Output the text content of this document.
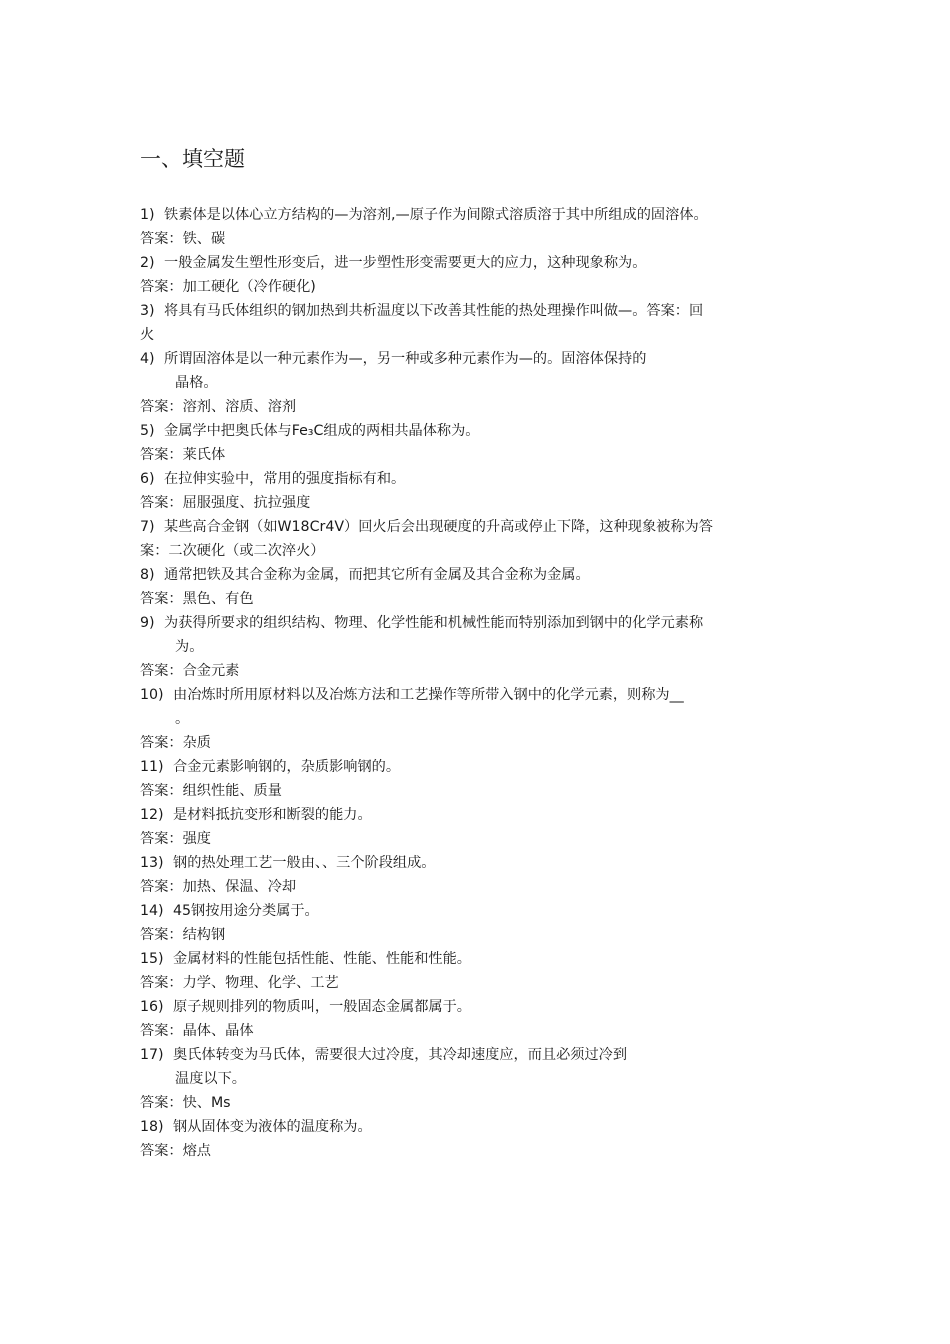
一、填空题
1) 铁素体是以体心立方结构的—为溶剂,—原子作为间隙式溶质溶于其中所组成的固溶体。
答案：铁、碳
2) 一般金属发生塑性形变后，进一步塑性形变需要更大的应力，这种现象称为。
答案：加工硬化（冷作硬化)
3) 将具有马氏体组织的钢加热到共析温度以下改善其性能的热处理操作叫做—。答案：回
火
4) 所谓固溶体是以一种元素作为—，另一种或多种元素作为—的。固溶体保持的
晶格。
答案：溶剂、溶质、溶剂
5) 金属学中把奥氏体与Fe₃C组成的两相共晶体称为。
答案：莱氏体
6) 在拉伸实验中，常用的强度指标有和。
答案：屈服强度、抗拉强度
7) 某些高合金钢（如W18Cr4V）回火后会出现硬度的升高或停止下降，这种现象被称为答
案：二次硬化（或二次淬火）
8) 通常把铁及其合金称为金属，而把其它所有金属及其合金称为金属。
答案：黑色、有色
9) 为获得所要求的组织结构、物理、化学性能和机械性能而特别添加到钢中的化学元素称
为。
答案：合金元素
10) 由冶炼时所用原材料以及冶炼方法和工艺操作等所带入钢中的化学元素，则称为__
。
答案：杂质
11) 合金元素影响钢的，杂质影响钢的。
答案：组织性能、质量
12) 是材料抵抗变形和断裂的能力。
答案：强度
13) 钢的热处理工艺一般由、、三个阶段组成。
答案：加热、保温、冷却
14) 45钢按用途分类属于。
答案：结构钢
15) 金属材料的性能包括性能、性能、性能和性能。
答案：力学、物理、化学、工艺
16) 原子规则排列的物质叫，一般固态金属都属于。
答案：晶体、晶体
17) 奥氏体转变为马氏体，需要很大过冷度，其冷却速度应，而且必须过冷到
温度以下。
答案：快、Ms
18) 钢从固体变为液体的温度称为。
答案：熔点
